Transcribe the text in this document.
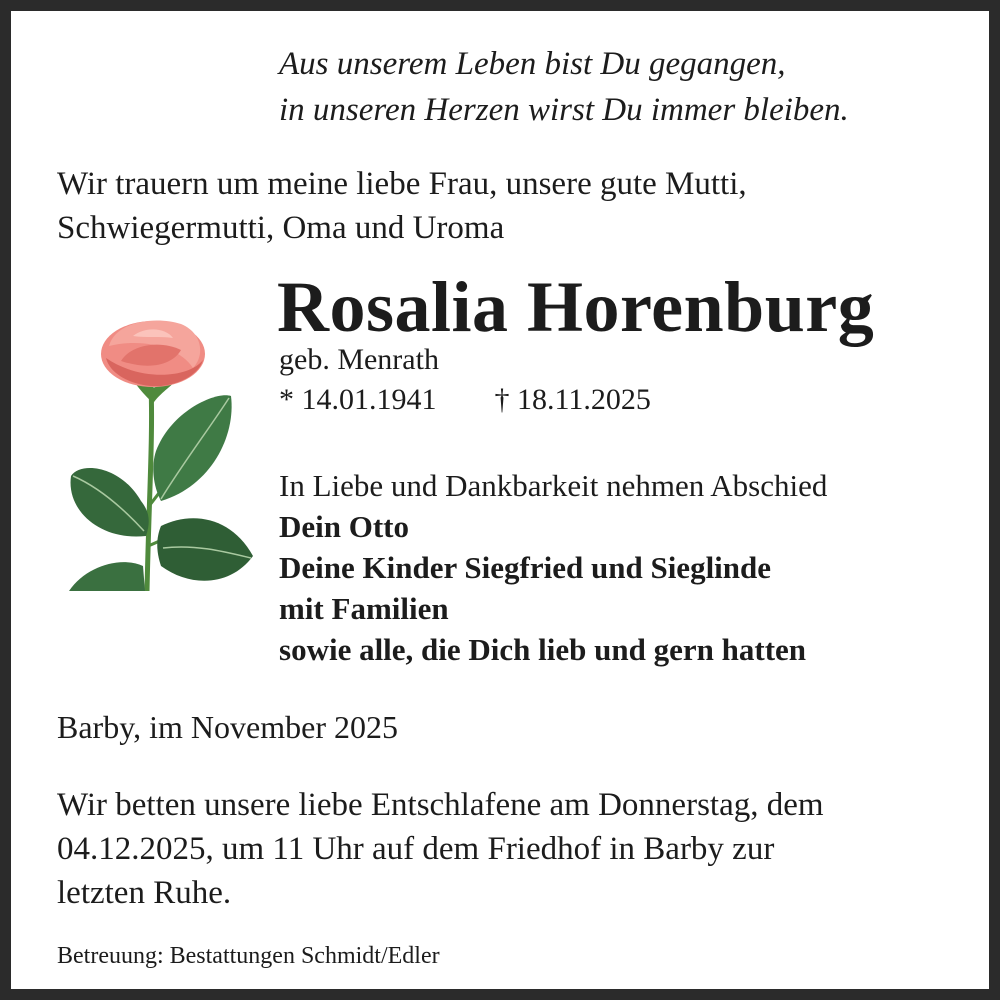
Aus unserem Leben bist Du gegangen,
in unseren Herzen wirst Du immer bleiben.
Wir trauern um meine liebe Frau, unsere gute Mutti,
Schwiegermutti, Oma und Uroma
Rosalia Horenburg
geb. Menrath
* 14.01.1941 † 18.11.2025
In Liebe und Dankbarkeit nehmen Abschied
Dein Otto
Deine Kinder Siegfried und Sieglinde
mit Familien
sowie alle, die Dich lieb und gern hatten
Barby, im November 2025
Wir betten unsere liebe Entschlafene am Donnerstag, dem
04.12.2025, um 11 Uhr auf dem Friedhof in Barby zur
letzten Ruhe.
Betreuung: Bestattungen Schmidt/Edler
